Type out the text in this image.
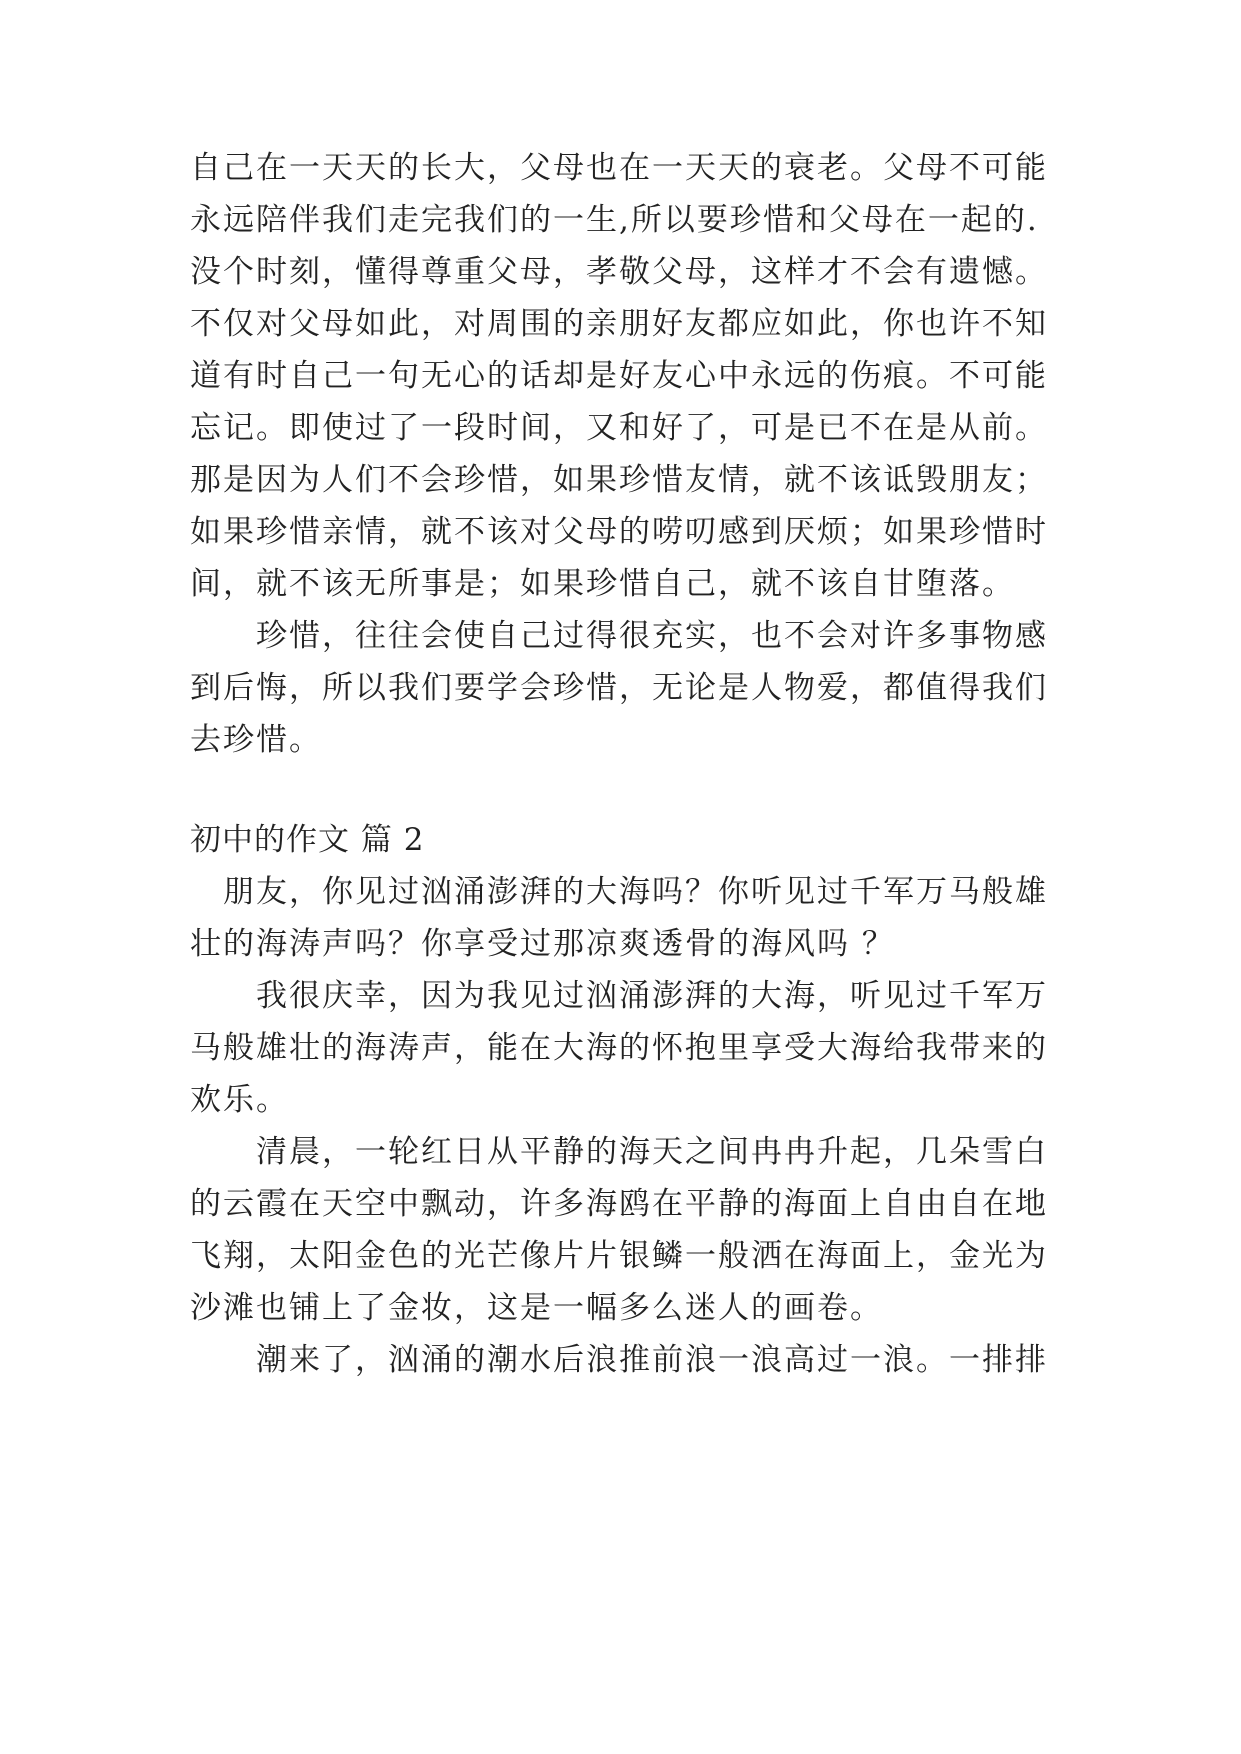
自己在一天天的长大，父母也在一天天的衰老。父母不可能
永远陪伴我们走完我们的一生,所以要珍惜和父母在一起的.
没个时刻，懂得尊重父母，孝敬父母，这样才不会有遗憾。
不仅对父母如此，对周围的亲朋好友都应如此，你也许不知
道有时自己一句无心的话却是好友心中永远的伤痕。不可能
忘记。即使过了一段时间，又和好了，可是已不在是从前。
那是因为人们不会珍惜，如果珍惜友情，就不该诋毁朋友；
如果珍惜亲情，就不该对父母的唠叨感到厌烦；如果珍惜时
间，就不该无所事是；如果珍惜自己，就不该自甘堕落。
　　珍惜，往往会使自己过得很充实，也不会对许多事物感
到后悔，所以我们要学会珍惜，无论是人物爱，都值得我们
去珍惜。
初中的作文 篇 2
　朋友，你见过汹涌澎湃的大海吗？你听见过千军万马般雄
壮的海涛声吗？你享受过那凉爽透骨的海风吗 ？
　　我很庆幸，因为我见过汹涌澎湃的大海，听见过千军万
马般雄壮的海涛声，能在大海的怀抱里享受大海给我带来的
欢乐。
　　清晨，一轮红日从平静的海天之间冉冉升起，几朵雪白
的云霞在天空中飘动，许多海鸥在平静的海面上自由自在地
飞翔，太阳金色的光芒像片片银鳞一般洒在海面上，金光为
沙滩也铺上了金妆，这是一幅多么迷人的画卷。
　　潮来了，汹涌的潮水后浪推前浪一浪高过一浪。一排排
